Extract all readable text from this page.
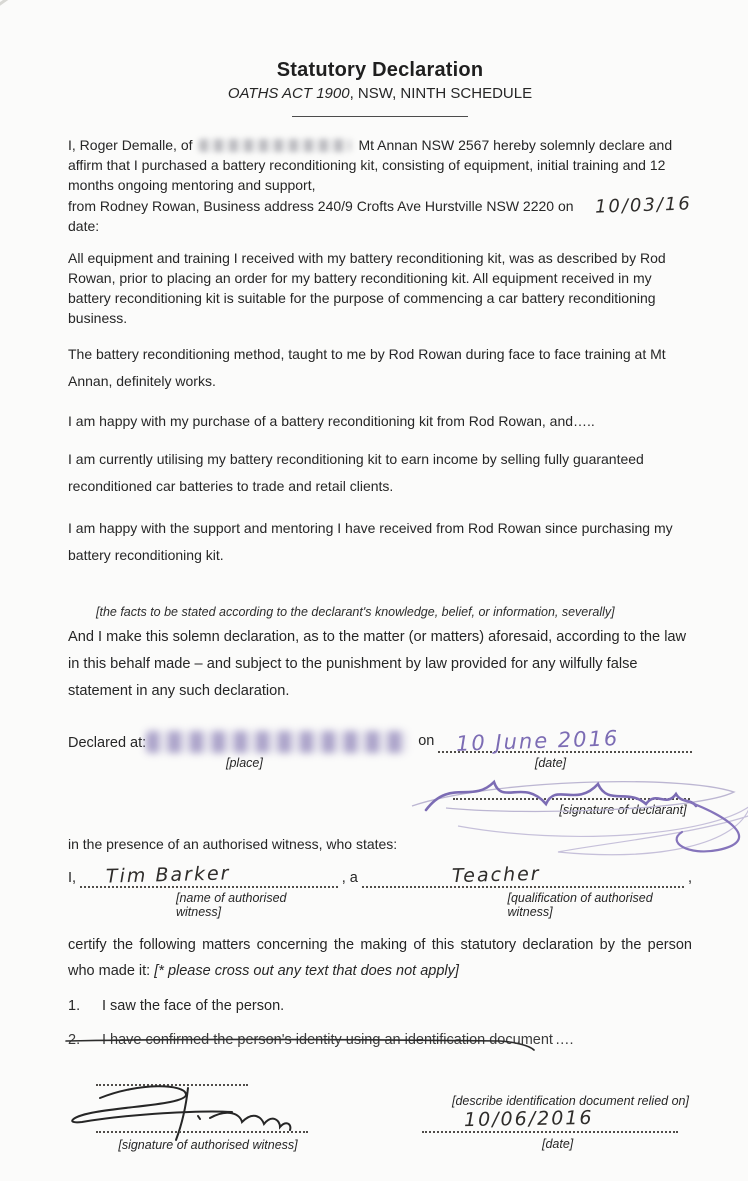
Statutory Declaration
OATHS ACT 1900, NSW, NINTH SCHEDULE

I, Roger Demalle, of	Mt Annan NSW 2567 hereby solemnly declare and affirm that I purchased a battery reconditioning kit, consisting of equipment, initial training and 12 months ongoing mentoring and support,

from Rodney Rowan, Business address 240/9 Crofts Ave Hurstville NSW 2220 on date:
10/03/16

All equipment and training I received with my battery reconditioning kit, was as described by Rod Rowan, prior to placing an order for my battery reconditioning kit. All equipment received in my battery reconditioning kit is suitable for the purpose of commencing a car battery reconditioning business.

The battery reconditioning method, taught to me by Rod Rowan during face to face training at Mt Annan, definitely works.

I am happy with my purchase of a battery reconditioning kit from Rod Rowan, and…..

I am currently utilising my battery reconditioning kit to earn income by selling fully guaranteed reconditioned car batteries to trade and retail clients.

I am happy with the support and mentoring I have received from Rod Rowan since purchasing my battery reconditioning kit.

[the facts to be stated according to the declarant's knowledge, belief, or information, severally]

And I make this solemn declaration, as to the matter (or matters) aforesaid, according to the law in this behalf made – and subject to the punishment by law provided for any wilfully false statement in any such declaration.

Declared at:	on 10 June 2016
[place]	[date]
[signature of declarant]
in the presence of an authorised witness, who states:
I, Tim Barker	, a	Teacher	,
[name of authorised witness]
[qualification of authorised witness]

certify the following matters concerning the making of this statutory declaration by the person who made it: [* please cross out any text that does not apply]

1.	I saw the face of the person.
2.	I have confirmed the person's identity using an identification document ….
[signature of authorised witness]
[describe identification document relied on]
10/06/2016
[date]
